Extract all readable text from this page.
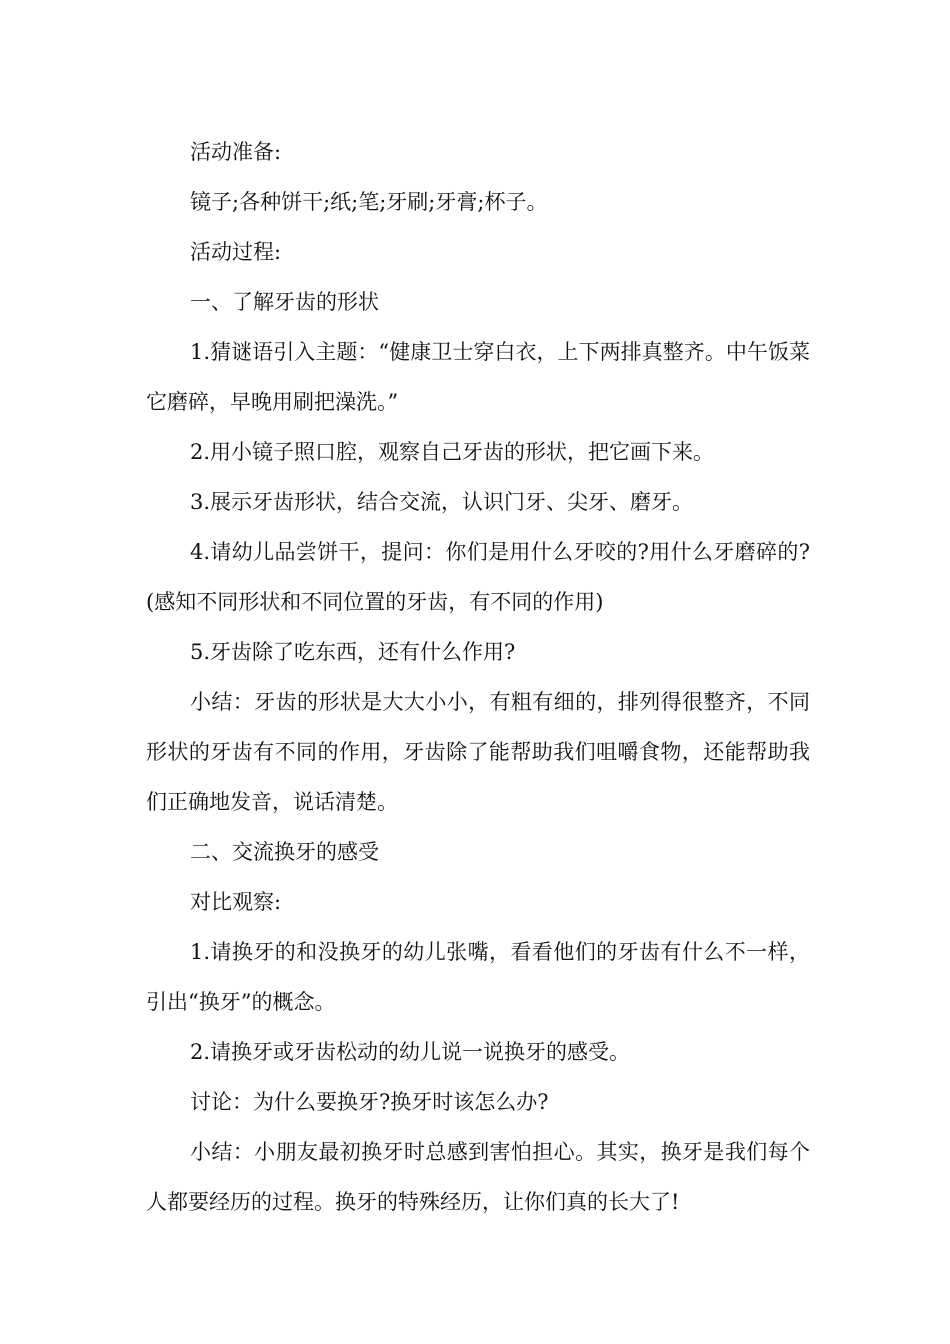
活动准备:

镜子;各种饼干;纸;笔;牙刷;牙膏;杯子。

活动过程:

一、了解牙齿的形状

1.猜谜语引入主题：“健康卫士穿白衣，上下两排真整齐。中午饭菜它磨碎，早晚用刷把澡洗。”

2.用小镜子照口腔，观察自己牙齿的形状，把它画下来。

3.展示牙齿形状，结合交流，认识门牙、尖牙、磨牙。

4.请幼儿品尝饼干，提问：你们是用什么牙咬的?用什么牙磨碎的?(感知不同形状和不同位置的牙齿，有不同的作用)

5.牙齿除了吃东西，还有什么作用?

小结：牙齿的形状是大大小小，有粗有细的，排列得很整齐，不同形状的牙齿有不同的作用，牙齿除了能帮助我们咀嚼食物，还能帮助我们正确地发音，说话清楚。

二、交流换牙的感受

对比观察:

1.请换牙的和没换牙的幼儿张嘴，看看他们的牙齿有什么不一样，引出“换牙”的概念。

2.请换牙或牙齿松动的幼儿说一说换牙的感受。

讨论：为什么要换牙?换牙时该怎么办?

小结：小朋友最初换牙时总感到害怕担心。其实，换牙是我们每个人都要经历的过程。换牙的特殊经历，让你们真的长大了!
